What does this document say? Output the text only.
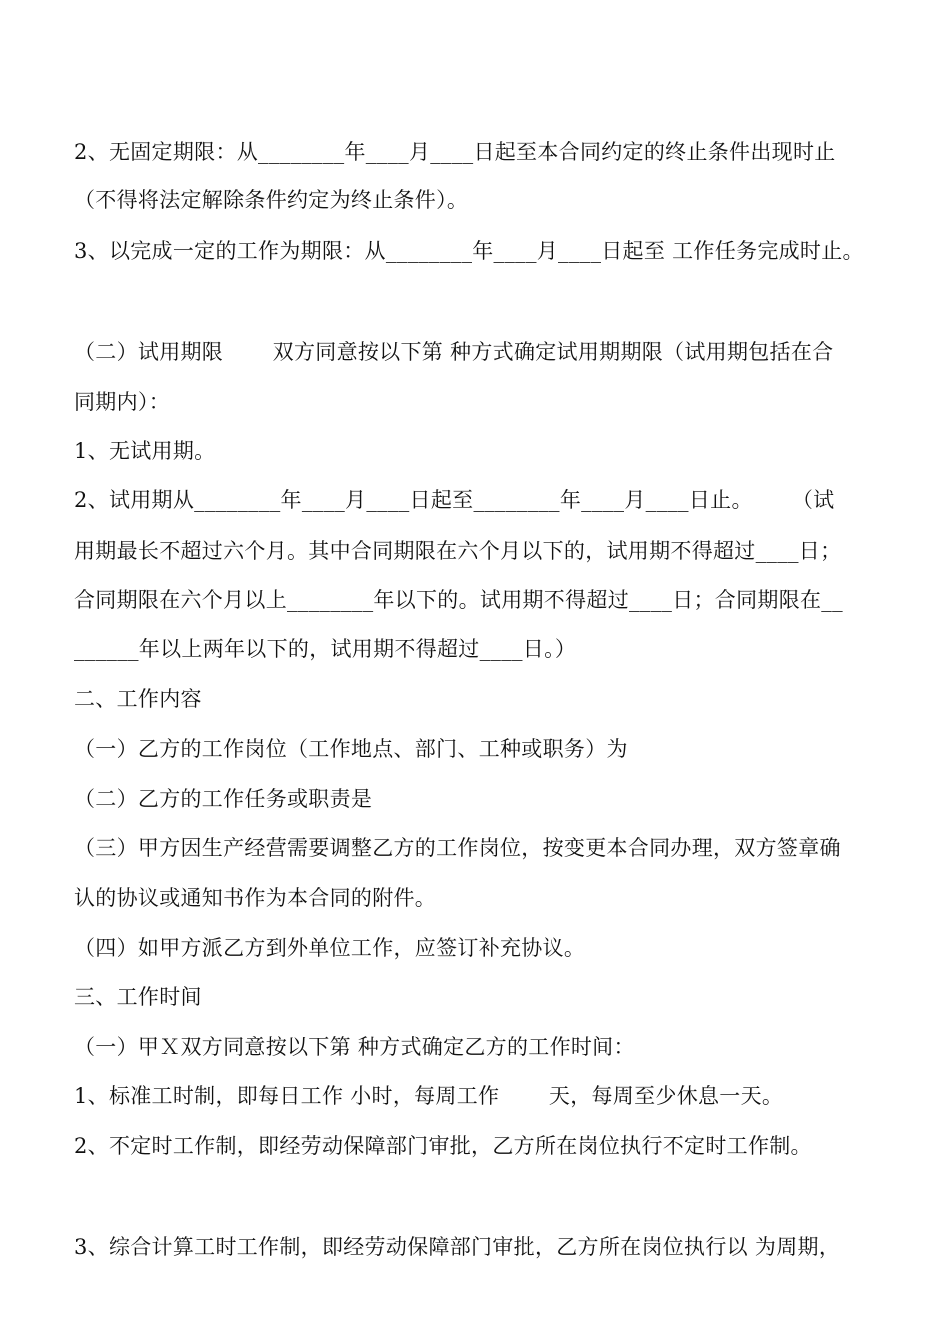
2、无固定期限：从________年____月____日起至本合同约定的终止条件出现时止
（不得将法定解除条件约定为终止条件）。
3、以完成一定的工作为期限：从________年____月____日起至 工作任务完成时止。
（二）试用期限　　 双方同意按以下第 种方式确定试用期期限（试用期包括在合
同期内）：
1、无试用期。
2、试用期从________年____月____日起至________年____月____日止。　　 （试
用期最长不超过六个月。其中合同期限在六个月以下的，试用期不得超过____日；
合同期限在六个月以上________年以下的。试用期不得超过____日；合同期限在__
______年以上两年以下的，试用期不得超过____日。）
二、工作内容
（一）乙方的工作岗位（工作地点、部门、工种或职务）为
（二）乙方的工作任务或职责是
（三）甲方因生产经营需要调整乙方的工作岗位，按变更本合同办理，双方签章确
认的协议或通知书作为本合同的附件。
（四）如甲方派乙方到外单位工作，应签订补充协议。
三、工作时间
（一）甲Ｘ双方同意按以下第 种方式确定乙方的工作时间：
1、标准工时制，即每日工作 小时，每周工作 　　天，每周至少休息一天。
2、不定时工作制，即经劳动保障部门审批，乙方所在岗位执行不定时工作制。
3、综合计算工时工作制，即经劳动保障部门审批，乙方所在岗位执行以 为周期，
